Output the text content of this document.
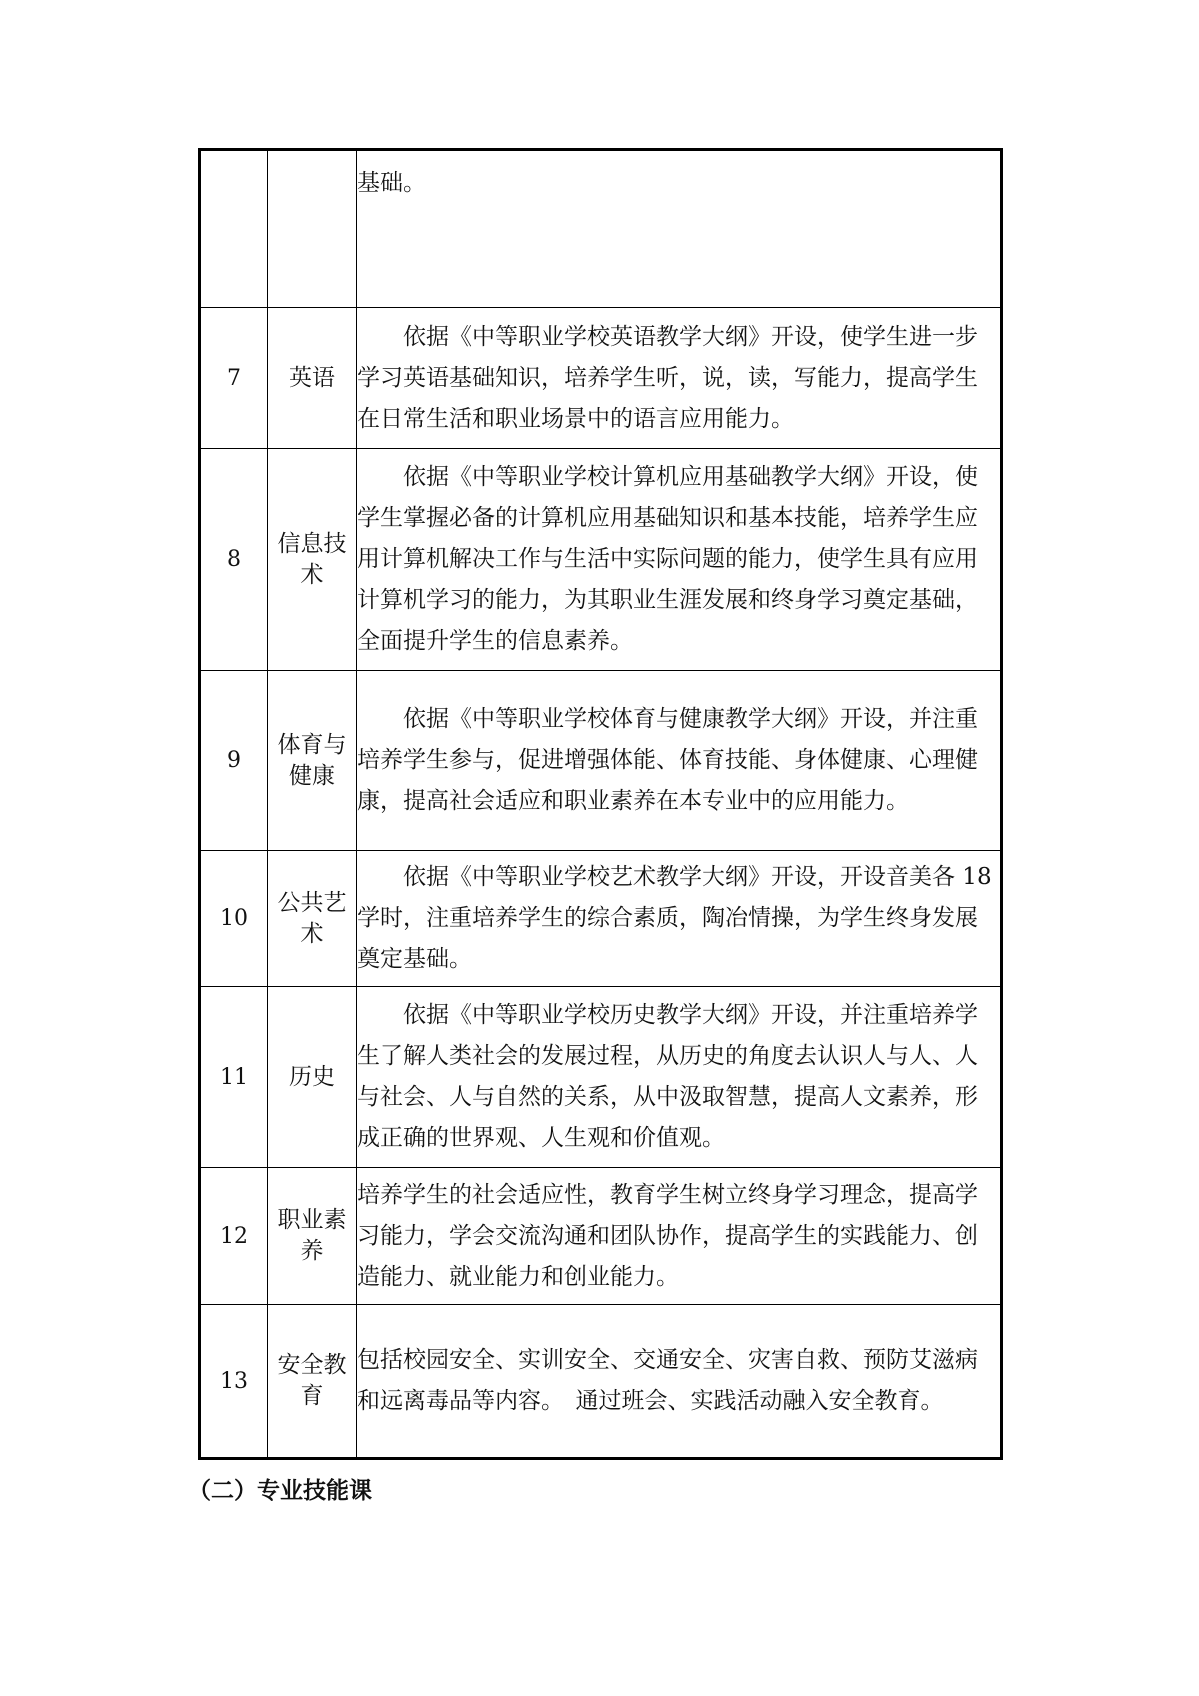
		基础。
7	英语	依据《中等职业学校英语教学大纲》开设，使学生进一步学习英语基础知识，培养学生听，说，读，写能力，提高学生在日常生活和职业场景中的语言应用能力。
8	信息技术	依据《中等职业学校计算机应用基础教学大纲》开设，使学生掌握必备的计算机应用基础知识和基本技能，培养学生应用计算机解决工作与生活中实际问题的能力，使学生具有应用计算机学习的能力，为其职业生涯发展和终身学习奠定基础，全面提升学生的信息素养。
9	体育与健康	依据《中等职业学校体育与健康教学大纲》开设，并注重培养学生参与，促进增强体能、体育技能、身体健康、心理健康，提高社会适应和职业素养在本专业中的应用能力。
10	公共艺术	依据《中等职业学校艺术教学大纲》开设，开设音美各 18 学时，注重培养学生的综合素质，陶冶情操，为学生终身发展奠定基础。
11	历史	依据《中等职业学校历史教学大纲》开设，并注重培养学生了解人类社会的发展过程，从历史的角度去认识人与人、人与社会、人与自然的关系，从中汲取智慧，提高人文素养，形成正确的世界观、人生观和价值观。
12	职业素养	培养学生的社会适应性，教育学生树立终身学习理念，提高学习能力，学会交流沟通和团队协作，提高学生的实践能力、创造能力、就业能力和创业能力。
13	安全教育	包括校园安全、实训安全、交通安全、灾害自救、预防艾滋病和远离毒品等内容。　通过班会、实践活动融入安全教育。
（二）专业技能课
